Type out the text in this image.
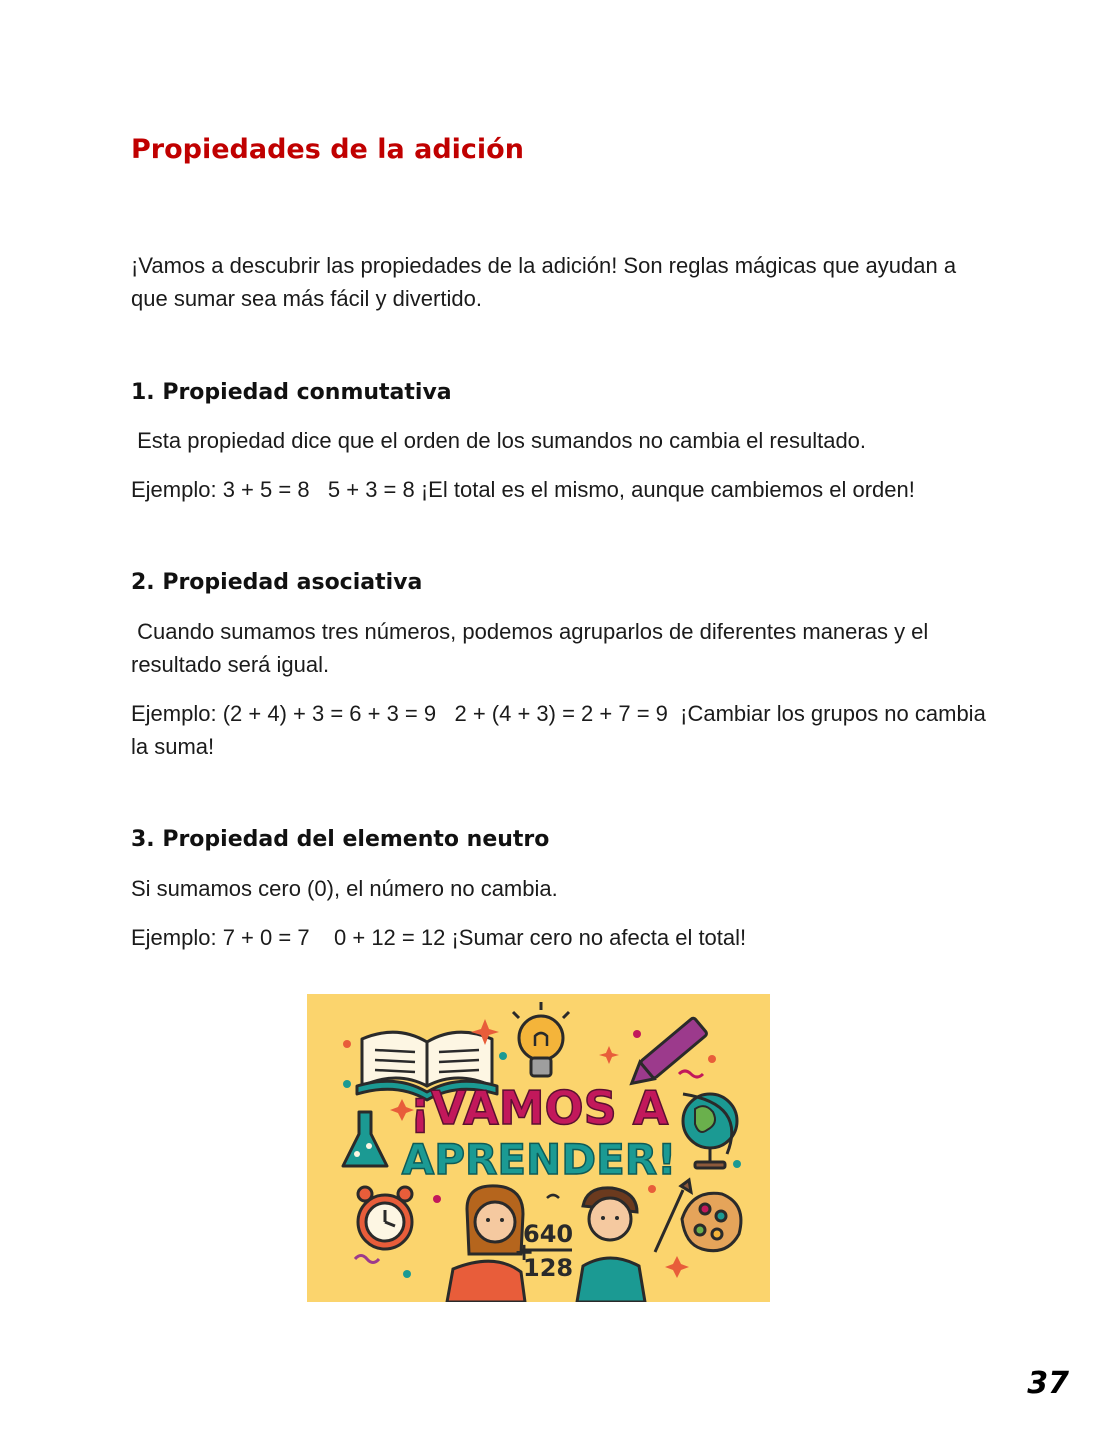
Propiedades de la adición

¡Vamos a descubrir las propiedades de la adición! Son reglas mágicas que ayudan a que sumar sea más fácil y divertido.

1. Propiedad conmutativa

Esta propiedad dice que el orden de los sumandos no cambia el resultado.

Ejemplo: 3 + 5 = 8   5 + 3 = 8 ¡El total es el mismo, aunque cambiemos el orden!

2. Propiedad asociativa

Cuando sumamos tres números, podemos agruparlos de diferentes maneras y el resultado será igual.

Ejemplo: (2 + 4) + 3 = 6 + 3 = 9   2 + (4 + 3) = 2 + 7 = 9  ¡Cambiar los grupos no cambia la suma!

3. Propiedad del elemento neutro

Si sumamos cero (0), el número no cambia.

Ejemplo: 7 + 0 = 7    0 + 12 = 12 ¡Sumar cero no afecta el total!

¡VAMOS A
APRENDER!
+
640
128
37
